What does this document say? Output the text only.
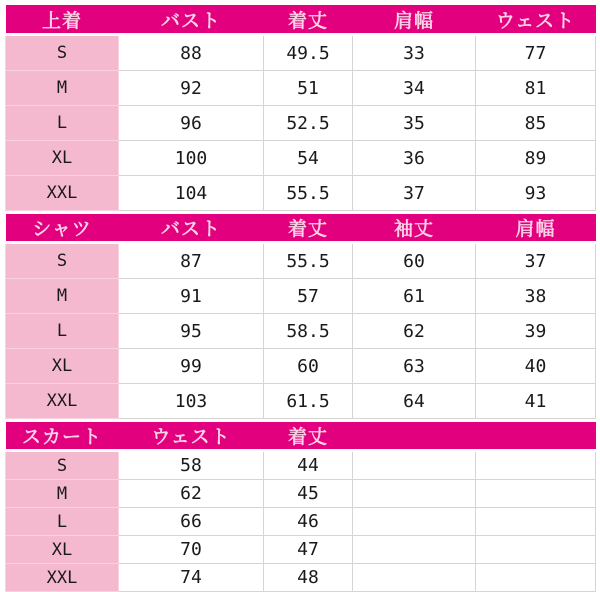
上着	バスト	着丈	肩幅	ウェスト
S	88	49.5	33	77
M	92	51	34	81
L	96	52.5	35	85
XL	100	54	36	89
XXL	104	55.5	37	93
シャツ	バスト	着丈	袖丈	肩幅
S	87	55.5	60	37
M	91	57	61	38
L	95	58.5	62	39
XL	99	60	63	40
XXL	103	61.5	64	41
スカート	ウェスト	着丈		
S	58	44		
M	62	45		
L	66	46		
XL	70	47		
XXL	74	48		
